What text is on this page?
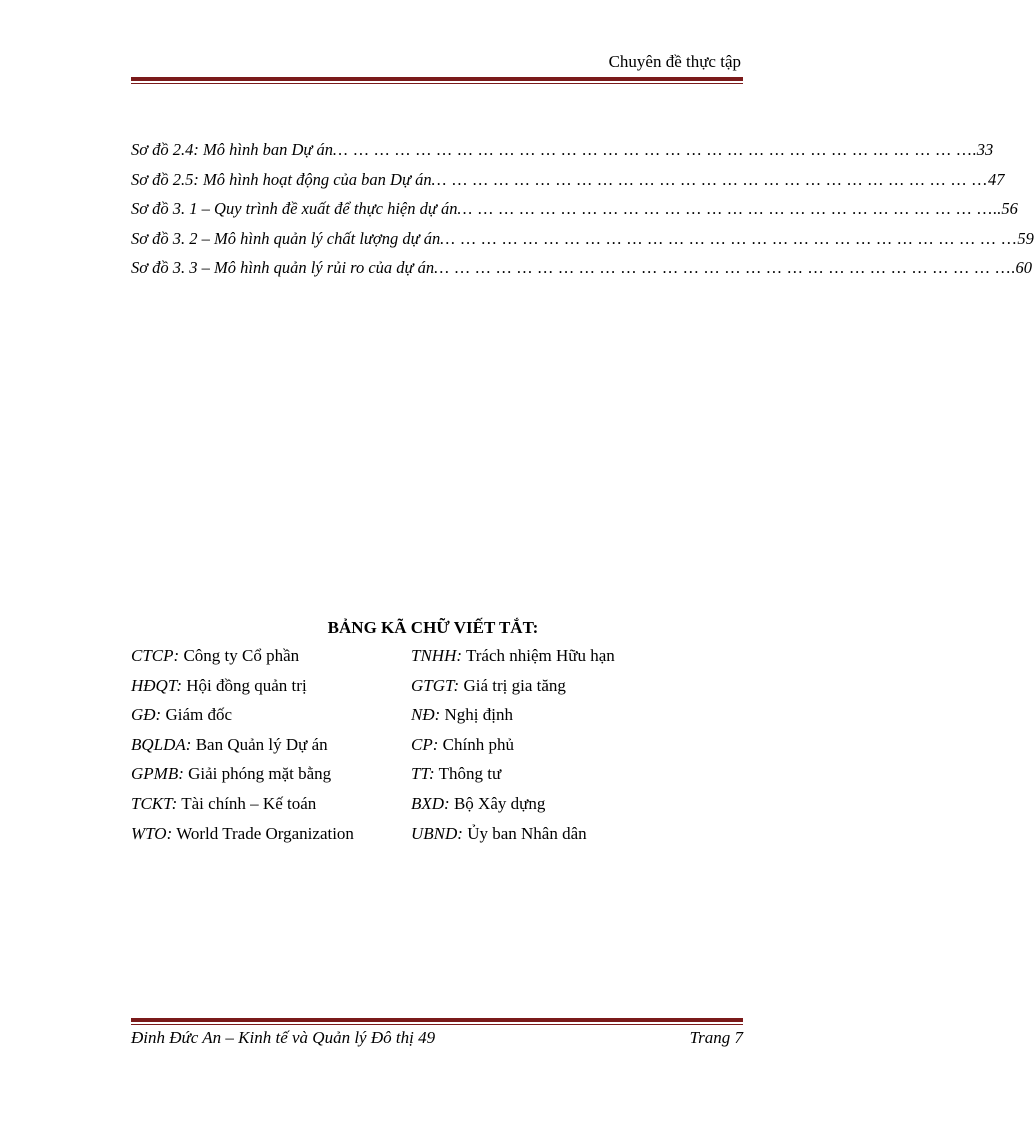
Chuyên đề thực tập
Sơ đồ 2.4: Mô hình ban Dự án … … … … … … … … … … … … … … … … … … … … … … … … … … … … … … … .33
Sơ đồ 2.5: Mô hình hoạt động của ban Dự án … … … … … … … … … … … … … … … … … … … … … … … … … … … 47
Sơ đồ 3. 1 – Quy trình đề xuất để thực hiện dự án … … … … … … … … … … … … … … … … … … … … … … … … … … ..56
Sơ đồ 3. 2 – Mô hình quản lý chất lượng dự án … … … … … … … … … … … … … … … … … … … … … … … … … … … … 59
Sơ đồ 3. 3 – Mô hình quản lý rủi ro của dự án … … … … … … … … … … … … … … … … … … … … … … … … … … … … .60
BẢNG KÃ CHỮ VIẾT TẮT:
CTCP: Công ty Cổ phần	TNHH: Trách nhiệm Hữu hạn
HĐQT: Hội đồng quản trị	GTGT: Giá trị gia tăng
GĐ: Giám đốc	NĐ: Nghị định
BQLDA: Ban Quản lý Dự án	CP: Chính phủ
GPMB: Giải phóng mặt bằng	TT: Thông tư
TCKT: Tài chính – Kế toán	BXD: Bộ Xây dựng
WTO: World Trade Organization	UBND: Ủy ban Nhân dân
Đinh Đức An – Kinh tế và Quản lý Đô thị 49	Trang 7
